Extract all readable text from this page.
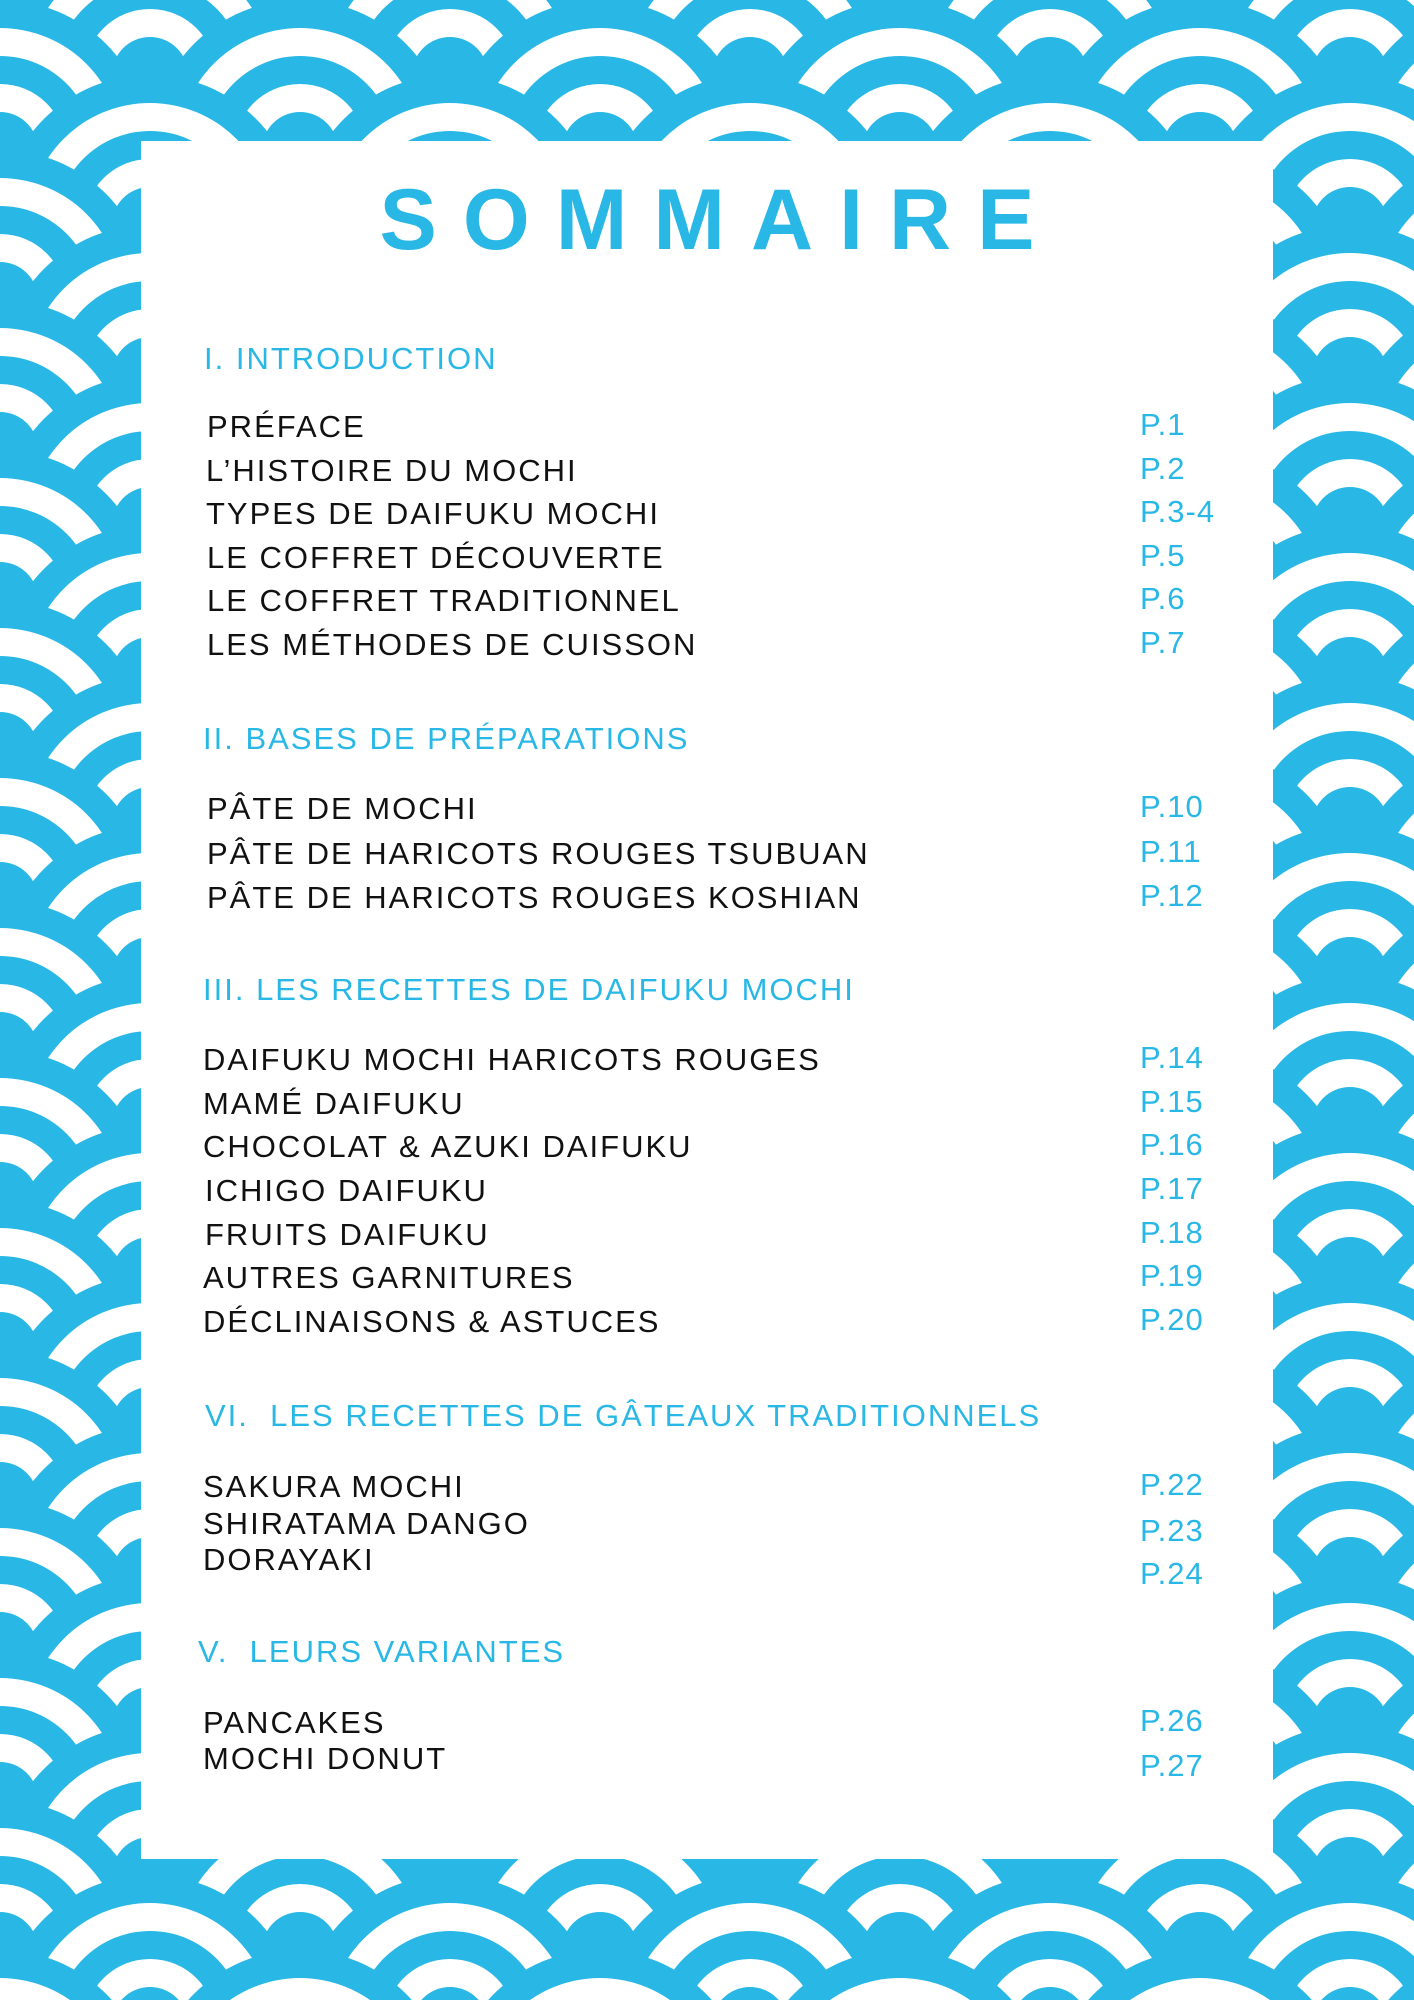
SOMMAIRE
I. INTRODUCTION
PRÉFACE	P.1
L’HISTOIRE DU MOCHI	P.2
TYPES DE DAIFUKU MOCHI	P.3-4
LE COFFRET DÉCOUVERTE	P.5
LE COFFRET TRADITIONNEL	P.6
LES MÉTHODES DE CUISSON	P.7
II. BASES DE PRÉPARATIONS
PÂTE DE MOCHI	P.10
PÂTE DE HARICOTS ROUGES TSUBUAN	P.11
PÂTE DE HARICOTS ROUGES KOSHIAN	P.12
III. LES RECETTES DE DAIFUKU MOCHI
DAIFUKU MOCHI HARICOTS ROUGES	P.14
MAMÉ DAIFUKU	P.15
CHOCOLAT & AZUKI DAIFUKU	P.16
ICHIGO DAIFUKU	P.17
FRUITS DAIFUKU	P.18
AUTRES GARNITURES	P.19
DÉCLINAISONS & ASTUCES	P.20
VI.  LES RECETTES DE GÂTEAUX TRADITIONNELS
SAKURA MOCHI	P.22
SHIRATAMA DANGO	P.23
DORAYAKI	P.24
V.  LEURS VARIANTES
PANCAKES	P.26
MOCHI DONUT	P.27
